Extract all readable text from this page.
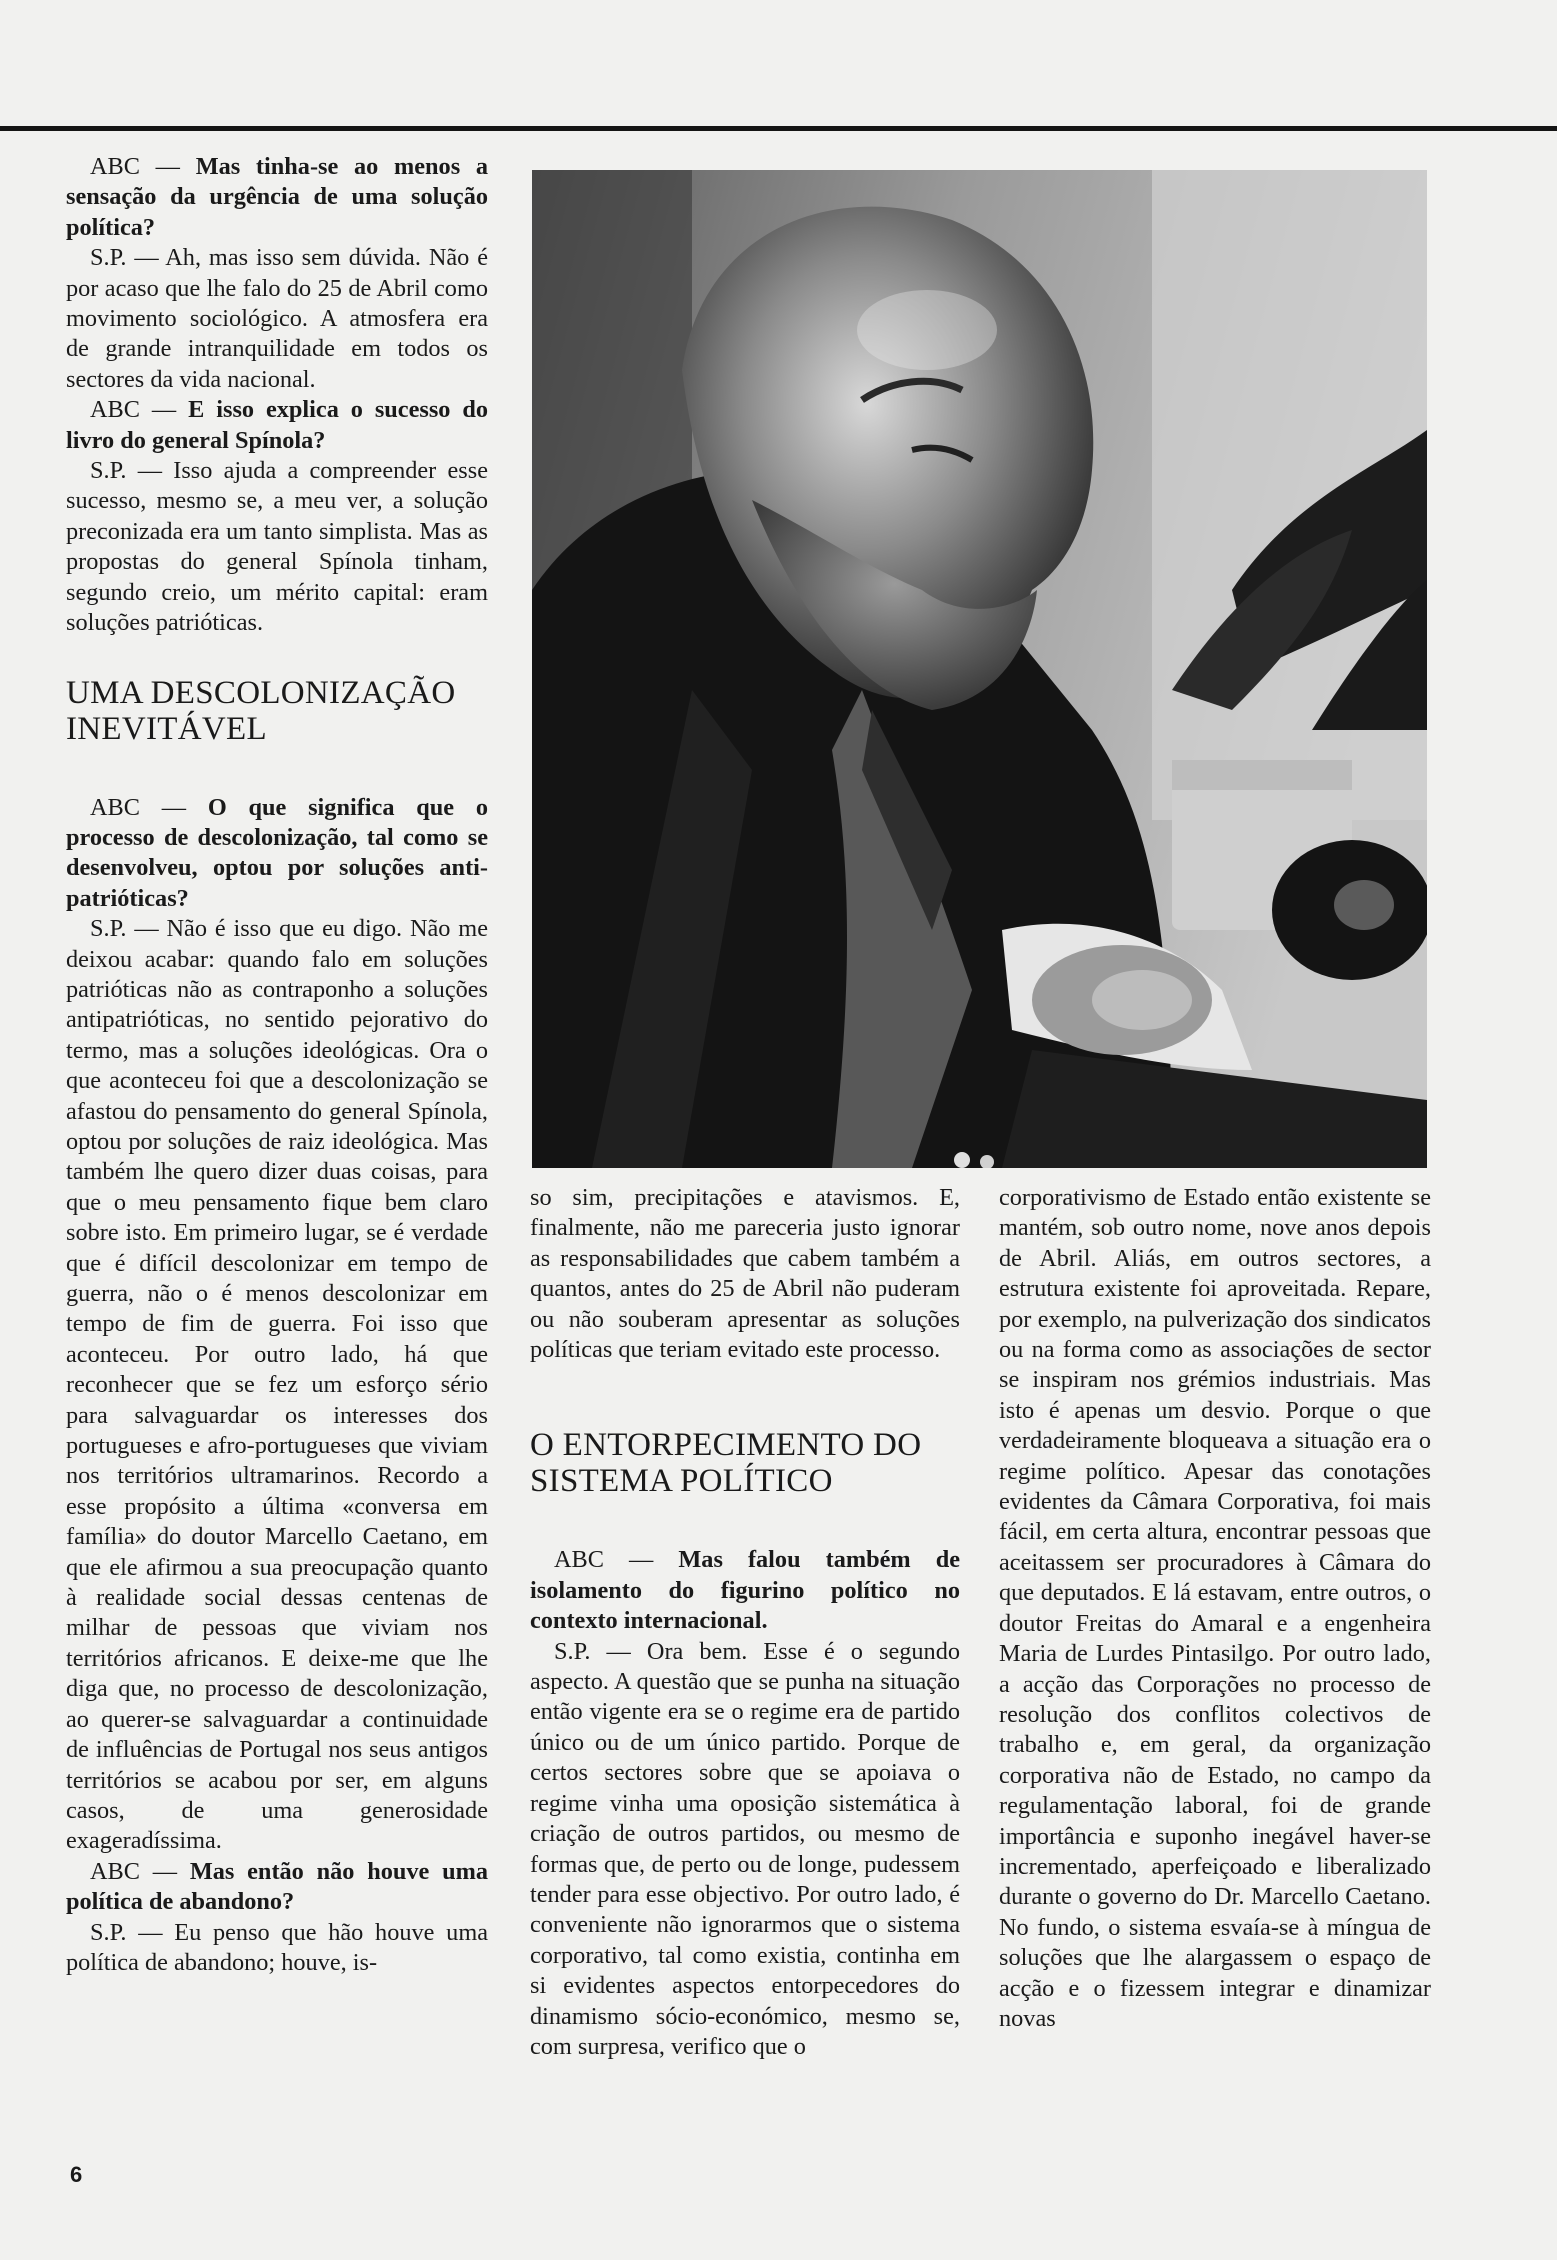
ABC — Mas tinha-se ao menos a sensação da urgência de uma solução política?

S.P. — Ah, mas isso sem dúvida. Não é por acaso que lhe falo do 25 de Abril como movimento sociológico. A atmosfera era de grande intranquilidade em todos os sectores da vida nacional.

ABC — E isso explica o sucesso do livro do general Spínola?

S.P. — Isso ajuda a compreender esse sucesso, mesmo se, a meu ver, a solução preconizada era um tanto simplista. Mas as propostas do general Spínola tinham, segundo creio, um mérito capital: eram soluções patrióticas.

UMA DESCOLONIZAÇÃO INEVITÁVEL

ABC — O que significa que o processo de descolonização, tal como se desenvolveu, optou por soluções anti-patrióticas?

S.P. — Não é isso que eu digo. Não me deixou acabar: quando falo em soluções patrióticas não as contraponho a soluções antipatrióticas, no sentido pejorativo do termo, mas a soluções ideológicas. Ora o que aconteceu foi que a descolonização se afastou do pensamento do general Spínola, optou por soluções de raiz ideológica. Mas também lhe quero dizer duas coisas, para que o meu pensamento fique bem claro sobre isto. Em primeiro lugar, se é verdade que é difícil descolonizar em tempo de guerra, não o é menos descolonizar em tempo de fim de guerra. Foi isso que aconteceu. Por outro lado, há que reconhecer que se fez um esforço sério para salvaguardar os interesses dos portugueses e afro-portugueses que viviam nos territórios ultramarinos. Recordo a esse propósito a última «conversa em família» do doutor Marcello Caetano, em que ele afirmou a sua preocupação quanto à realidade social dessas centenas de milhar de pessoas que viviam nos territórios africanos. E deixe-me que lhe diga que, no processo de descolonização, ao querer-se salvaguardar a continuidade de influências de Portugal nos seus antigos territórios se acabou por ser, em alguns casos, de uma generosidade exageradíssima.

ABC — Mas então não houve uma política de abandono?

S.P. — Eu penso que hão houve uma política de abandono; houve, is-

so sim, precipitações e atavismos. E, finalmente, não me pareceria justo ignorar as responsabilidades que cabem também a quantos, antes do 25 de Abril não puderam ou não souberam apresentar as soluções políticas que teriam evitado este processo.

O ENTORPECIMENTO DO SISTEMA POLÍTICO

ABC — Mas falou também de isolamento do figurino político no contexto internacional.

S.P. — Ora bem. Esse é o segundo aspecto. A questão que se punha na situação então vigente era se o regime era de partido único ou de um único partido. Porque de certos sectores sobre que se apoiava o regime vinha uma oposição sistemática à criação de outros partidos, ou mesmo de formas que, de perto ou de longe, pudessem tender para esse objectivo. Por outro lado, é conveniente não ignorarmos que o sistema corporativo, tal como existia, continha em si evidentes aspectos entorpecedores do dinamismo sócio-económico, mesmo se, com surpresa, verifico que o

corporativismo de Estado então existente se mantém, sob outro nome, nove anos depois de Abril. Aliás, em outros sectores, a estrutura existente foi aproveitada. Repare, por exemplo, na pulverização dos sindicatos ou na forma como as associações de sector se inspiram nos grémios industriais. Mas isto é apenas um desvio. Porque o que verdadeiramente bloqueava a situação era o regime político. Apesar das conotações evidentes da Câmara Corporativa, foi mais fácil, em certa altura, encontrar pessoas que aceitassem ser procuradores à Câmara do que deputados. E lá estavam, entre outros, o doutor Freitas do Amaral e a engenheira Maria de Lurdes Pintasilgo. Por outro lado, a acção das Corporações no processo de resolução dos conflitos colectivos de trabalho e, em geral, da organização corporativa não de Estado, no campo da regulamentação laboral, foi de grande importância e suponho inegável haver-se incrementado, aperfeiçoado e liberalizado durante o governo do Dr. Marcello Caetano. No fundo, o sistema esvaía-se à míngua de soluções que lhe alargassem o espaço de acção e o fizessem integrar e dinamizar novas

6
